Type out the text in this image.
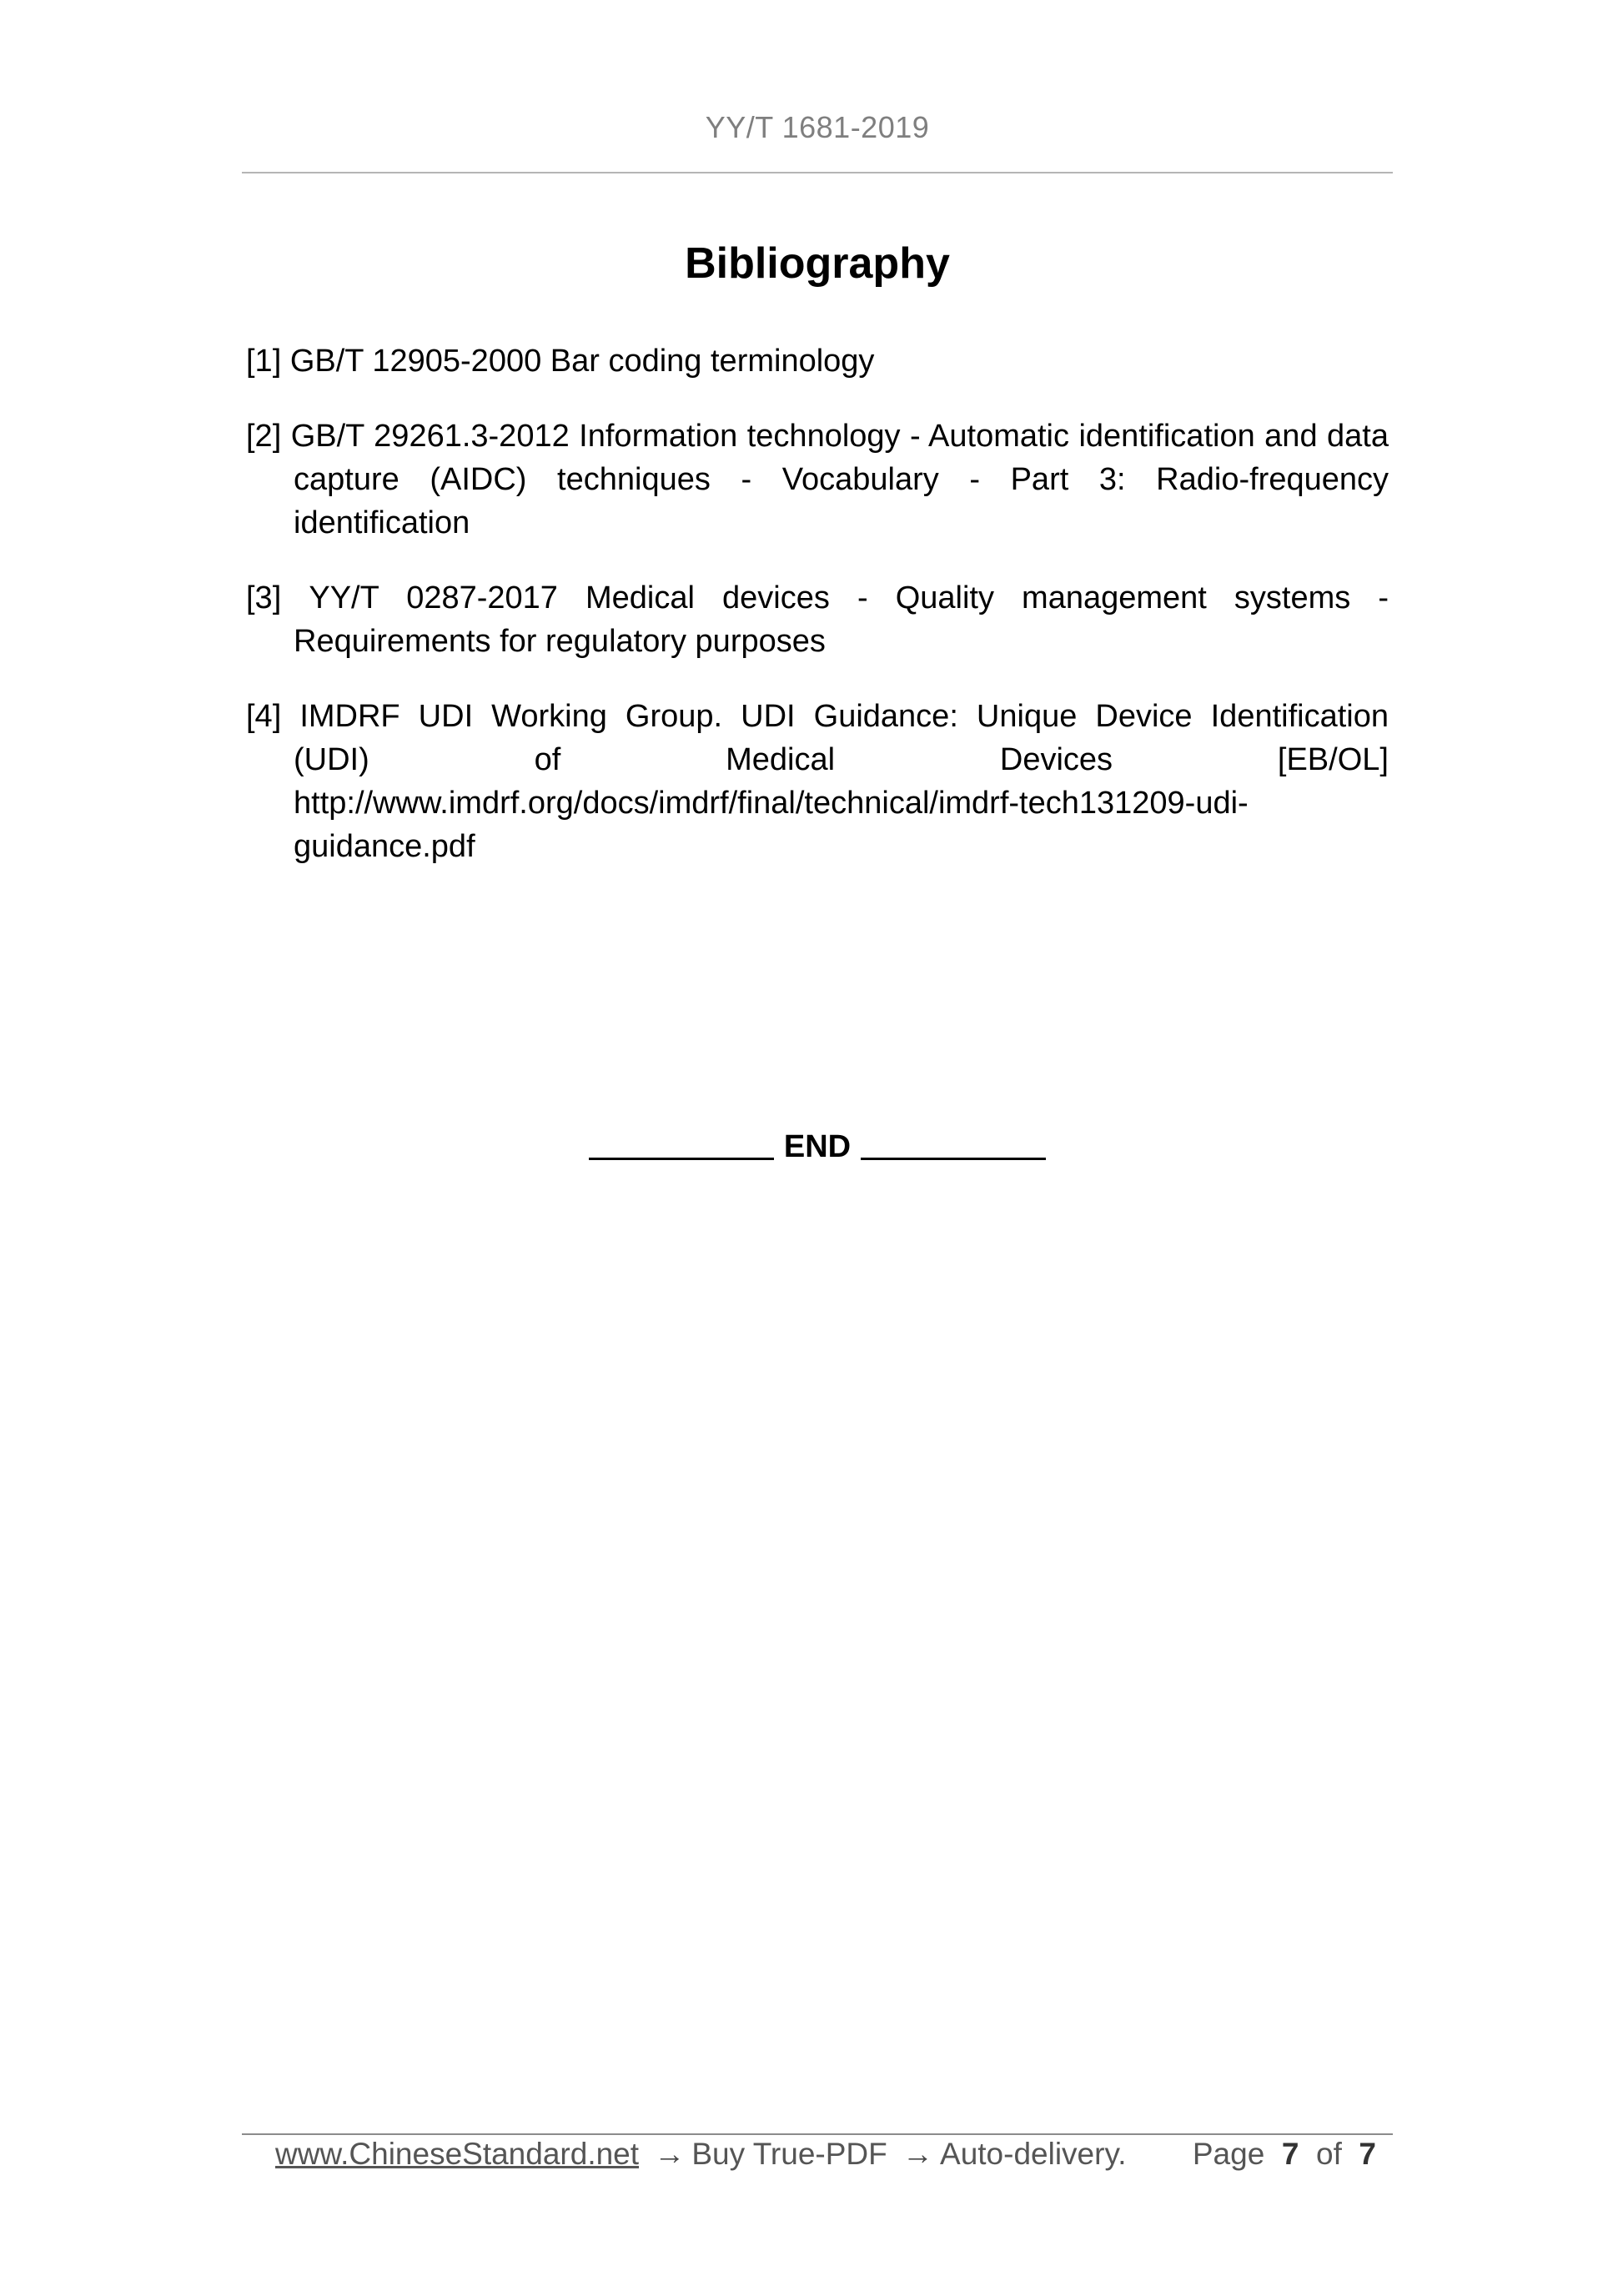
YY/T 1681-2019
Bibliography

[1] GB/T 12905-2000 Bar coding terminology

[2] GB/T 29261.3-2012 Information technology - Automatic identification and data capture (AIDC) techniques - Vocabulary - Part 3: Radio-frequency identification

[3] YY/T 0287-2017 Medical devices - Quality management systems - Requirements for regulatory purposes

[4] IMDRF UDI Working Group. UDI Guidance: Unique Device Identification
(UDI)	of	Medical	Devices	[EB/OL]
http://www.imdrf.org/docs/imdrf/final/technical/imdrf-tech131209-udi-
guidance.pdf
END
www.ChineseStandard.net → Buy True-PDF → Auto-delivery. Page 7 of 7
